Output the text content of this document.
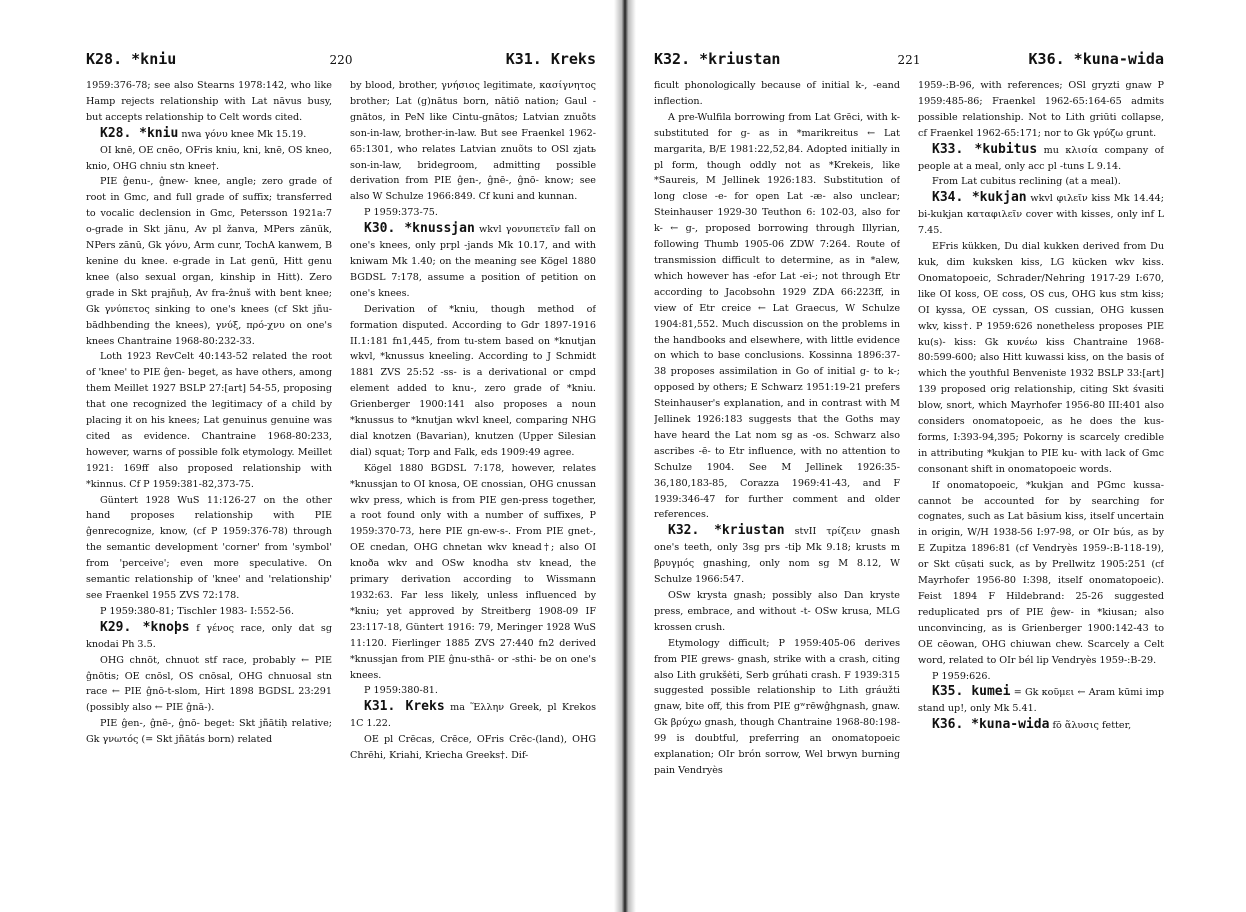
K28. *kniu	220	K31. Kreks

1959:376-78; see also Stearns 1978:142, who like Hamp rejects relationship with Lat nāvus busy, but accepts relationship to Celt words cited.

K28. *kniu nwa γόνυ knee Mk 15.19.

OI knē, OE cnēo, OFris kniu, kni, knē, OS kneo, knio, OHG chniu stn knee†.

PIE ĝenu-, ĝnew- knee, angle; zero grade of root in Gmc, and full grade of suffix; transferred to vocalic declension in Gmc, Petersson 1921a:7 o-grade in Skt jānu, Av pl žanva, MPers zānūk, NPers zānū, Gk γόνυ, Arm cunr, TochA kanwem, B kenine du knee. e-grade in Lat genū, Hitt genu knee (also sexual organ, kinship in Hitt). Zero grade in Skt prajñuḥ, Av fra-ẑnuš with bent knee; Gk γνύπετος sinking to one's knees (cf Skt jñu-bādhbending the knees), γνύξ, πρό-χνυ on one's knees Chantraine 1968-80:232-33.

Loth 1923 RevCelt 40:143-52 related the root of 'knee' to PIE ĝen- beget, as have others, among them Meillet 1927 BSLP 27:[art] 54-55, proposing that one recognized the legitimacy of a child by placing it on his knees; Lat genuinus genuine was cited as evidence. Chantraine 1968-80:233, however, warns of possible folk etymology. Meillet 1921: 169ff also proposed relationship with *kinnus. Cf P 1959:381-82,373-75.

Güntert 1928 WuS 11:126-27 on the other hand proposes relationship with PIE ĝenrecognize, know, (cf P 1959:376-78) through the semantic development 'corner' from 'symbol' from 'perceive'; even more speculative. On semantic relationship of 'knee' and 'relationship' see Fraenkel 1955 ZVS 72:178.

P 1959:380-81; Tischler 1983- I:552-56.

K29. *knoþs f γένος race, only dat sg knodai Ph 3.5.

OHG chnōt, chnuot stf race, probably ← PIE ĝnōtis; OE cnōsl, OS cnōsal, OHG chnuosal stn race ← PIE ĝnō-t-slom, Hirt 1898 BGDSL 23:291 (possibly also ← PIE ĝnā-).

PIE ĝen-, ĝnē-, ĝnō- beget: Skt jñātiḥ relative; Gk γνωτός (= Skt jñātás born) related

by blood, brother, γνήσιος legitimate, κασίγνητος brother; Lat (g)nātus born, nātiō nation; Gaul -gnātos, in PeN like Cintu-gnātos; Latvian znuõts son-in-law, brother-in-law. But see Fraenkel 1962-65:1301, who relates Latvian znuõts to OSl zjatь son-in-law, bridegroom, admitting possible derivation from PIE ĝen-, ĝnē-, ĝnō- know; see also W Schulze 1966:849. Cf kuni and kunnan.

P 1959:373-75.

K30. *knussjan wkvl γονυπετεῖν fall on one's knees, only prpl -jands Mk 10.17, and with kniwam Mk 1.40; on the meaning see Kögel 1880 BGDSL 7:178, assume a position of petition on one's knees.

Derivation of *kniu, though method of formation disputed. According to Gdr 1897-1916 II.1:181 fn1,445, from tu-stem based on *knutjan wkvl, *knussus kneeling. According to J Schmidt 1881 ZVS 25:52 -ss- is a derivational or cmpd element added to knu-, zero grade of *kniu. Grienberger 1900:141 also proposes a noun *knussus to *knutjan wkvl kneel, comparing NHG dial knotzen (Bavarian), knutzen (Upper Silesian dial) squat; Torp and Falk, eds 1909:49 agree.

Kögel 1880 BGDSL 7:178, however, relates *knussjan to OI knosa, OE cnossian, OHG cnussan wkv press, which is from PIE gen-press together, a root found only with a number of suffixes, P 1959:370-73, here PIE gn-ew-s-. From PIE gnet-, OE cnedan, OHG chnetan wkv knead†; also OI knoða wkv and OSw knodha stv knead, the primary derivation according to Wissmann 1932:63. Far less likely, unless influenced by *kniu; yet approved by Streitberg 1908-09 IF 23:117-18, Güntert 1916: 79, Meringer 1928 WuS 11:120. Fierlinger 1885 ZVS 27:440 fn2 derived *knussjan from PIE ĝnu-sthā- or -sthi- be on one's knees.

P 1959:380-81.

K31. Kreks ma Ἕλλην Greek, pl Krekos 1C 1.22.

OE pl Crēcas, Crēce, OFris Crēc-(land), OHG Chrēhi, Kriahi, Kriecha Greeks†. Dif-

K32. *kriustan	221	K36. *kuna-wida

ficult phonologically because of initial k-, -eand inflection.

A pre-Wulfila borrowing from Lat Grēci, with k- substituted for g- as in *marikreitus ← Lat margarita, B/E 1981:22,52,84. Adopted initially in pl form, though oddly not as *Krekeis, like *Saureis, M Jellinek 1926:183. Substitution of long close -e- for open Lat -æ- also unclear; Steinhauser 1929-30 Teuthon 6: 102-03, also for k- ← g-, proposed borrowing through Illyrian, following Thumb 1905-06 ZDW 7:264. Route of transmission difficult to determine, as in *alew, which however has -efor Lat -ei-; not through Etr according to Jacobsohn 1929 ZDA 66:223ff, in view of Etr creice ← Lat Graecus, W Schulze 1904:81,552. Much discussion on the problems in the handbooks and elsewhere, with little evidence on which to base conclusions. Kossinna 1896:37-38 proposes assimilation in Go of initial g- to k-; opposed by others; E Schwarz 1951:19-21 prefers Steinhauser's explanation, and in contrast with M Jellinek 1926:183 suggests that the Goths may have heard the Lat nom sg as -os. Schwarz also ascribes -ē- to Etr influence, with no attention to Schulze 1904. See M Jellinek 1926:35-36,180,183-85, Corazza 1969:41-43, and F 1939:346-47 for further comment and older references.

K32. *kriustan stvII τρίζειν gnash one's teeth, only 3sg prs -tiþ Mk 9.18; krusts m βρυγμός gnashing, only nom sg M 8.12, W Schulze 1966:547.

OSw krysta gnash; possibly also Dan kryste press, embrace, and without -t- OSw krusa, MLG krossen crush.

Etymology difficult; P 1959:405-06 derives from PIE grews- gnash, strike with a crash, citing also Lith grukšėti, Serb grúhati crash. F 1939:315 suggested possible relationship to Lith gráužti gnaw, bite off, this from PIE gʷrēwĝhgnash, gnaw. Gk βρύχω gnash, though Chantraine 1968-80:198-99 is doubtful, preferring an onomatopoeic explanation; OIr brón sorrow, Wel brwyn burning pain Vendryès

1959-:B-96, with references; OSl gryzti gnaw P 1959:485-86; Fraenkel 1962-65:164-65 admits possible relationship. Not to Lith griūti collapse, cf Fraenkel 1962-65:171; nor to Gk γρύζω grunt.

K33. *kubitus mu κλισία company of people at a meal, only acc pl -tuns L 9.14.

From Lat cubitus reclining (at a meal).

K34. *kukjan wkvl φιλεῖν kiss Mk 14.44; bi-kukjan καταφιλεῖν cover with kisses, only inf L 7.45.

EFris kükken, Du dial kukken derived from Du kuk, dim kuksken kiss, LG kücken wkv kiss. Onomatopoeic, Schrader/Nehring 1917-29 I:670, like OI koss, OE coss, OS cus, OHG kus stm kiss; OI kyssa, OE cyssan, OS cussian, OHG kussen wkv, kiss†. P 1959:626 nonetheless proposes PIE ku(s)- kiss: Gk κυνέω kiss Chantraine 1968-80:599-600; also Hitt kuwassi kiss, on the basis of which the youthful Benveniste 1932 BSLP 33:[art] 139 proposed orig relationship, citing Skt śvasiti blow, snort, which Mayrhofer 1956-80 III:401 also considers onomatopoeic, as he does the kus- forms, I:393-94,395; Pokorny is scarcely credible in attributing *kukjan to PIE ku- with lack of Gmc consonant shift in onomatopoeic words.

If onomatopoeic, *kukjan and PGmc kussa- cannot be accounted for by searching for cognates, such as Lat bāsium kiss, itself uncertain in origin, W/H 1938-56 I:97-98, or OIr bús, as by E Zupitza 1896:81 (cf Vendryès 1959-:B-118-19), or Skt cūṣati suck, as by Prellwitz 1905:251 (cf Mayrhofer 1956-80 I:398, itself onomatopoeic). Feist 1894 F Hildebrand: 25-26 suggested reduplicated prs of PIE ĝew- in *kiusan; also unconvincing, as is Grienberger 1900:142-43 to OE cēowan, OHG chiuwan chew. Scarcely a Celt word, related to OIr bél lip Vendryès 1959-:B-29.

P 1959:626.

K35. kumei = Gk κοῦμει ← Aram kūmi imp stand up!, only Mk 5.41.

K36. *kuna-wida fō ἅλυσις fetter,
